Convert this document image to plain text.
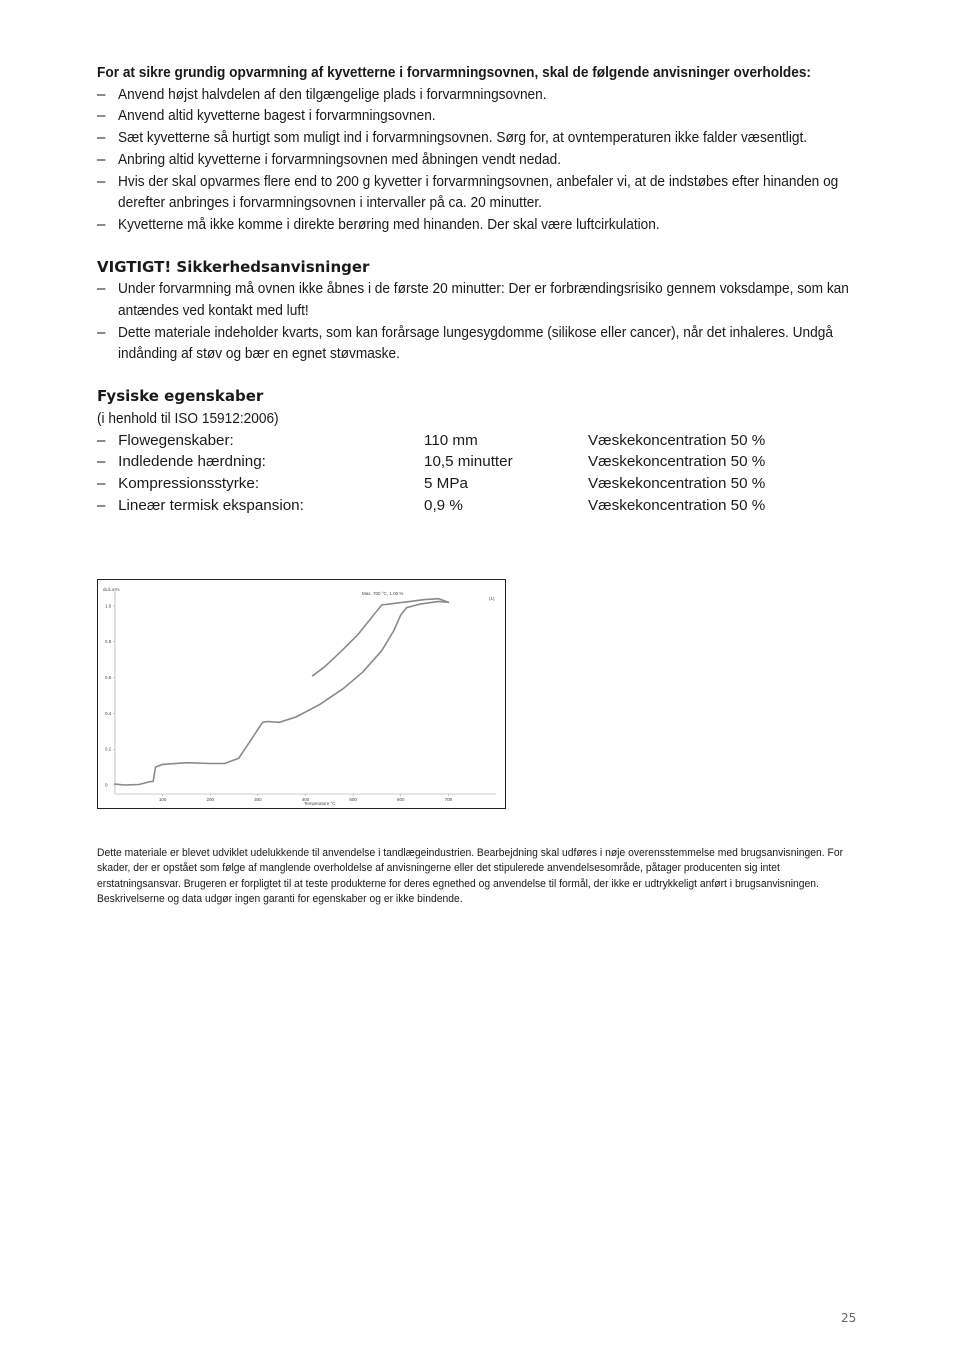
For at sikre grundig opvarmning af kyvetterne i forvarmningsovnen, skal de følgende anvisninger overholdes:
– Anvend højst halvdelen af den tilgængelige plads i forvarmningsovnen.
– Anvend altid kyvetterne bagest i forvarmningsovnen.
– Sæt kyvetterne så hurtigt som muligt ind i forvarmningsovnen. Sørg for, at ovntemperaturen ikke falder væsentligt.
– Anbring altid kyvetterne i forvarmningsovnen med åbningen vendt nedad.
– Hvis der skal opvarmes flere end to 200 g kyvetter i forvarmningsovnen, anbefaler vi, at de indstøbes efter hinanden og derefter anbringes i forvarmningsovnen i intervaller på ca. 20 minutter.
– Kyvetterne må ikke komme i direkte berøring med hinanden. Der skal være luftcirkulation.
VIGTIGT! Sikkerhedsanvisninger
– Under forvarmning må ovnen ikke åbnes i de første 20 minutter: Der er forbrændingsrisiko gennem voksdampe, som kan antændes ved kontakt med luft!
– Dette materiale indeholder kvarts, som kan forårsage lungesygdomme (silikose eller cancer), når det inhaleres. Undgå indånding af støv og bær en egnet støvmaske.
Fysiske egenskaber
(i henhold til ISO 15912:2006)
–   Flowegenskaber:	110 mm	Væskekoncentration 50 %
–   Indledende hærdning:	10,5 minutter	Væskekoncentration 50 %
–   Kompressionsstyrke:	5 MPa	Væskekoncentration 50 %
–   Lineær termisk ekspansion:	0,9 %	Væskekoncentration 50 %
100	200	300	400	500	600	700
0
0.2
0.4
0.6
0.8
1.0
dL/Lo %
Temperature °C
Max. 700 °C, 1.00 %
(1)
Dette materiale er blevet udviklet udelukkende til anvendelse i tandlægeindustrien. Bearbejdning skal udføres i nøje overensstemmelse med brugsanvisningen. For skader, der er opstået som følge af manglende overholdelse af anvisningerne eller det stipulerede anvendelsesområde, påtager producenten sig intet erstatningsansvar. Brugeren er forpligtet til at teste produkterne for deres egnethed og anvendelse til formål, der ikke er udtrykkeligt anført i brugsanvisningen. Beskrivelserne og data udgør ingen garanti for egenskaber og er ikke bindende.
25
